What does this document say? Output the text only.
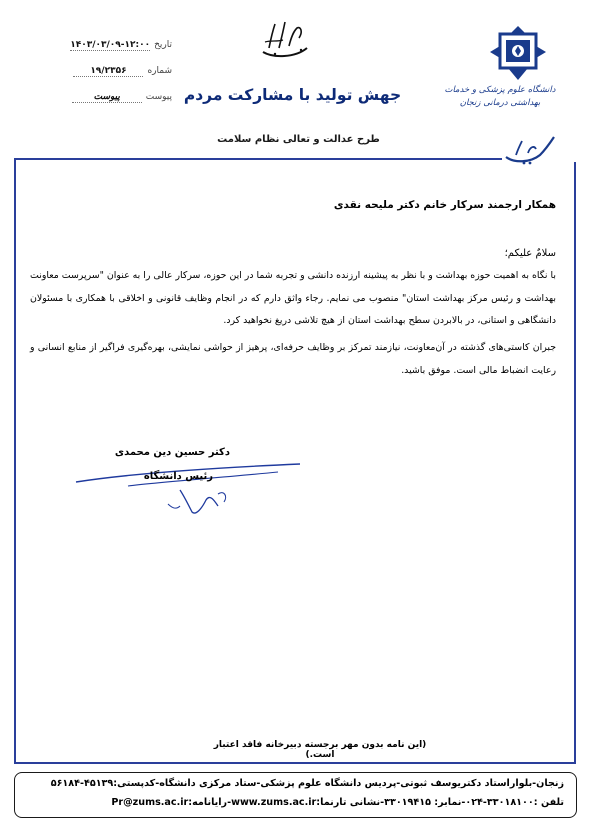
تاریخ
۱۴۰۳/۰۳/۰۹-۱۲:۰۰
شماره
۱۹/۲۳۵۶
پیوست
پیوست	جهش تولید با مشارکت مردم
طرح عدالت و تعالی نظام سلامت
دانشگاه علوم پزشکی و خدمات
بهداشتی درمانی زنجان
همکار ارجمند سرکار خانم دکتر ملیحه نقدی
سلامٌ علیکم؛
با نگاه به اهمیت حوزه بهداشت و با نظر به پیشینه ارزنده دانشی و تجربه شما در این حوزه، سرکار عالی را به عنوان "سرپرست معاونت بهداشت و رئیس مرکز بهداشت استان" منصوب می نمایم. رجاء واثق دارم که در انجام وظایف قانونی و اخلاقی با همکاری با مسئولان دانشگاهی و استانی، در بالابردن سطح بهداشت استان از هیچ تلاشی دریغ نخواهید کرد.
جبران کاستی‌های گذشته در آن‌معاونت، نیازمند تمرکز بر وظایف حرفه‌ای، پرهیز از حواشی نمایشی، بهره‌گیری فراگیر از منابع انسانی و رعایت انضباط مالی است. موفق باشید.
دکتر حسین دین محمدی
رئیس دانشگاه
(این نامه بدون مهر برجسته دبیرخانه فاقد اعتبار است.)
زنجان-بلواراستاد دکتریوسف ثبوتی-پردیس دانشگاه علوم پزشکی-ستاد مرکزی دانشگاه-کدپستی:۴۵۱۳۹-۵۶۱۸۴
تلفن :۳۳۰۱۸۱۰۰-۰۲۴-نمابر: ۳۳۰۱۹۴۱۵-نشانی تارنما:www.zums.ac.ir-رایانامه:Pr@zums.ac.ir
